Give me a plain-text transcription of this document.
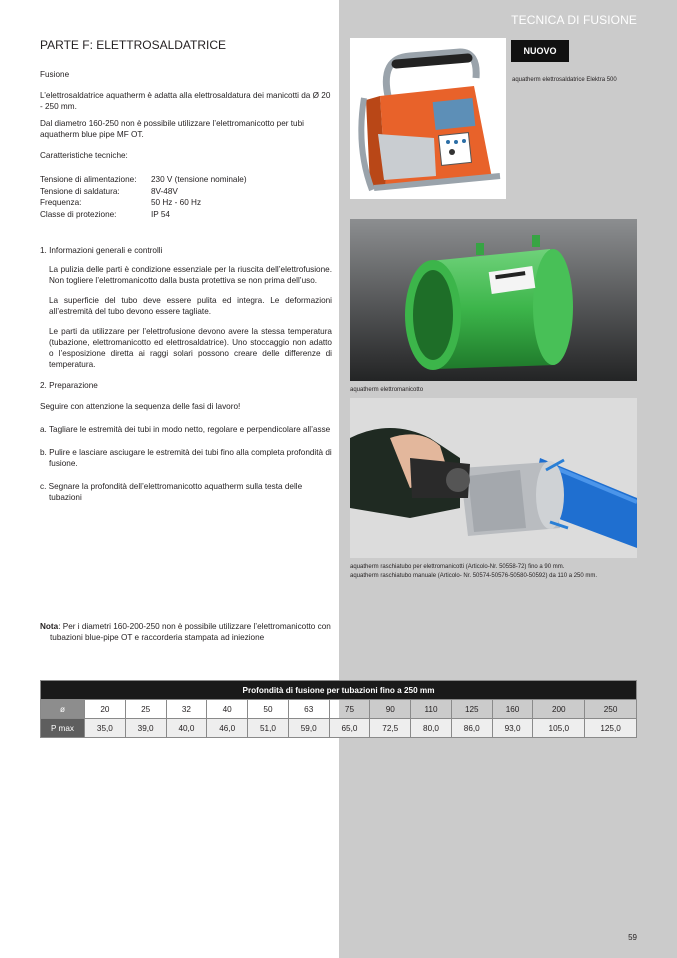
TECNICA DI FUSIONE
PARTE F: ELETTROSALDATRICE
Fusione
L’elettrosaldatrice aquatherm è adatta alla elettrosaldatura dei manicotti da Ø 20 - 250 mm.
Dal diametro 160-250 non è possibile utilizzare l’elettromanicotto per tubi aquatherm blue pipe MF OT.
Caratteristiche tecniche:
Tensione di alimentazione:	230 V (tensione nominale)
Tensione di saldatura:	8V-48V
Frequenza:	50 Hz - 60 Hz
Classe di protezione:	IP 54
1. Informazioni generali e controlli
La pulizia delle parti è condizione essenziale per la riuscita dell’elettrofusione. Non togliere l’elettromanicotto dalla busta protettiva se non prima dell’uso.
La superficie del tubo deve essere pulita ed integra. Le deformazioni all’estremità del tubo devono essere tagliate.
Le parti da utilizzare per l’elettrofusione devono avere la stessa temperatura (tubazione, elettromanicotto ed elettrosaldatrice). Uno stoccaggio non adatto o l’esposizione diretta ai raggi solari possono creare delle differenze di temperatura.
2. Preparazione
Seguire con attenzione la sequenza delle fasi di lavoro!
a. Tagliare le estremità dei tubi in modo netto, regolare e perpendicolare all’asse
b. Pulire e lasciare asciugare le estremità dei tubi fino alla completa profondità di fusione.
c. Segnare la profondità dell’elettromanicotto aquatherm sulla testa delle tubazioni
Nota: Per i diametri 160-200-250 non è possibile utilizzare l’elettromanicotto con tubazioni blue-pipe OT e raccorderia stampata ad iniezione
NUOVO
aquatherm elettrosaldatrice Elektra 500
aquatherm elettromanicotto
aquatherm raschiatubo per elettromanicotti (Articolo-Nr. 50558-72) fino a 90 mm.
aquatherm raschiatubo manuale (Articolo- Nr. 50574-50576-50580-50592) da 110 a 250 mm.
Profondità di fusione per tubazioni fino a 250 mm													
ø	20	25	32	40	50	63	75	90	110	125	160	200	250
P max	35,0	39,0	40,0	46,0	51,0	59,0	65,0	72,5	80,0	86,0	93,0	105,0	125,0
59
